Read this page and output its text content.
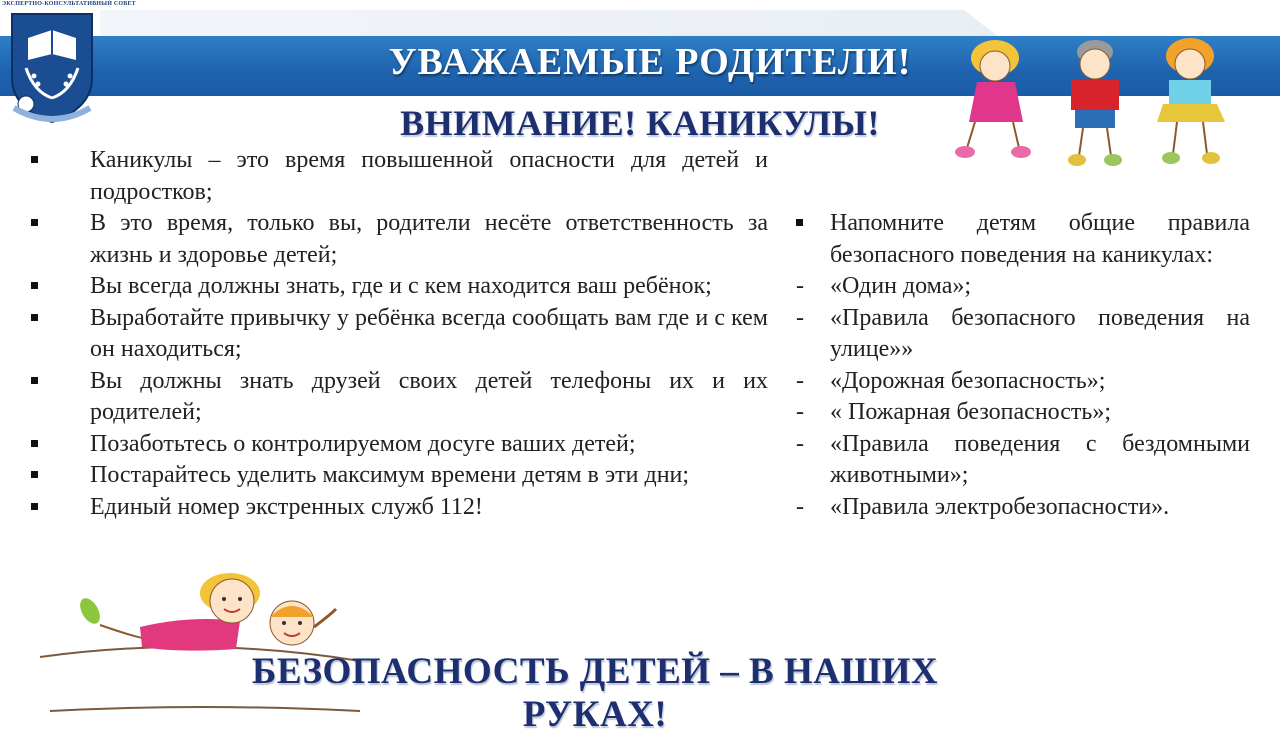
ЭКСПЕРТНО-КОНСУЛЬТАТИВНЫЙ СОВЕТ
УВАЖАЕМЫЕ РОДИТЕЛИ!
ВНИМАНИЕ! КАНИКУЛЫ!
Каникулы – это время повышенной опасности для детей и подростков;
В это время, только вы, родители несёте ответственность за жизнь и здоровье детей;
Вы всегда должны знать, где и с кем находится ваш ребёнок;
Выработайте привычку у ребёнка всегда сообщать вам где и с кем он находиться;
Вы должны знать друзей своих детей телефоны их и их родителей;
Позаботьтесь о контролируемом досуге ваших детей;
Постарайтесь уделить максимум времени детям в эти дни;
Единый номер экстренных служб 112!
Напомните детям общие правила безопасного поведения на каникулах:
- «Один дома»;
- «Правила безопасного поведения на улице»»
- «Дорожная безопасность»;
- « Пожарная безопасность»;
- «Правила поведения с бездомными животными»;
- «Правила электробезопасности».
БЕЗОПАСНОСТЬ ДЕТЕЙ – В НАШИХ РУКАХ!
